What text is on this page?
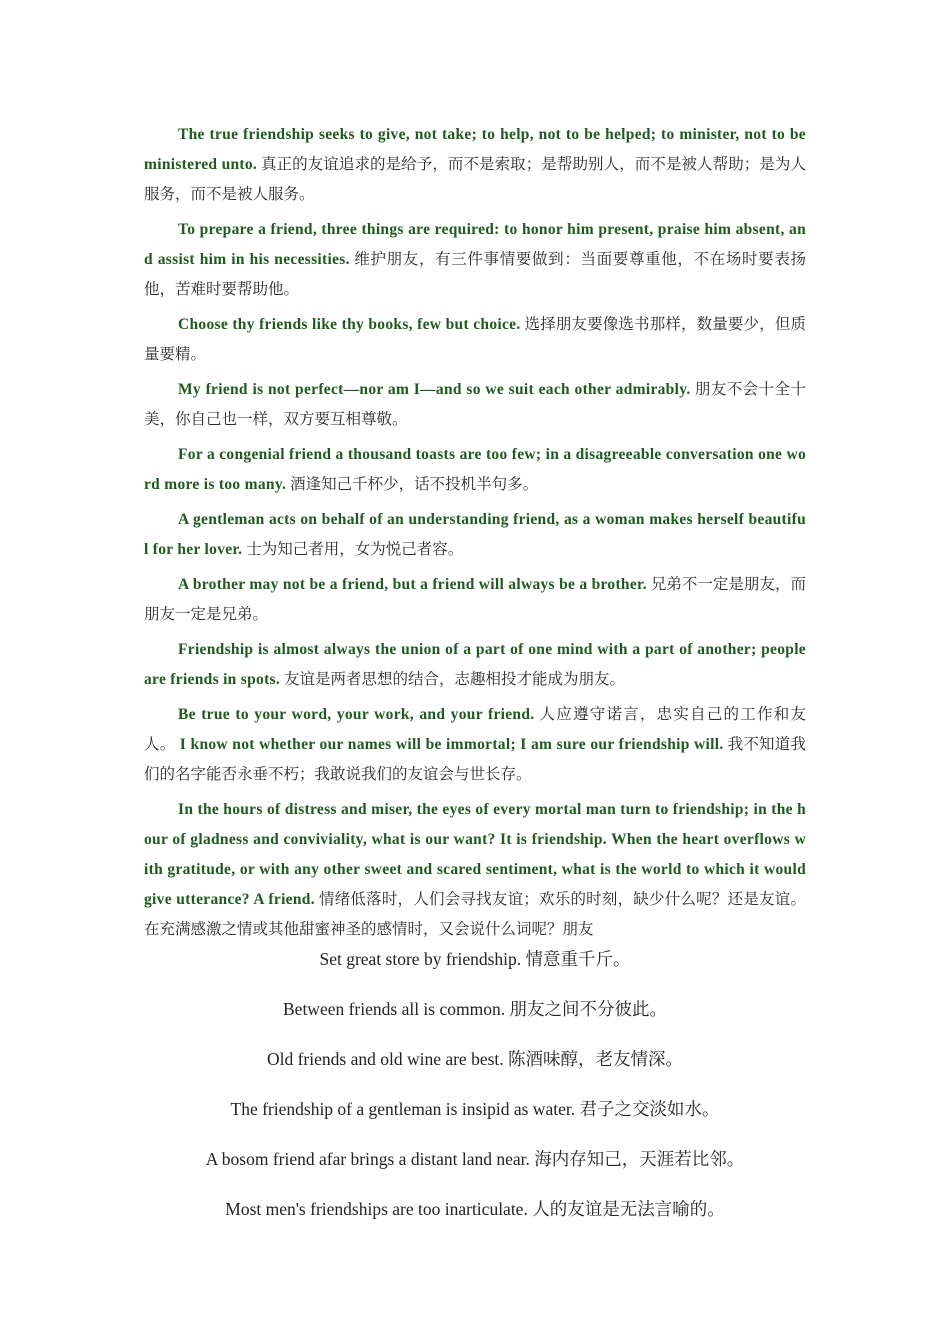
The true friendship seeks to give, not take; to help, not to be helped; to minister, not to be ministered unto. 真正的友谊追求的是给予，而不是索取；是帮助别人，而不是被人帮助；是为人服务，而不是被人服务。

To prepare a friend, three things are required: to honor him present, praise him absent, and assist him in his necessities. 维护朋友，有三件事情要做到：当面要尊重他，不在场时要表扬他，苦难时要帮助他。

Choose thy friends like thy books, few but choice. 选择朋友要像选书那样，数量要少，但质量要精。

My friend is not perfect—nor am I—and so we suit each other admirably. 朋友不会十全十美，你自己也一样，双方要互相尊敬。

For a congenial friend a thousand toasts are too few; in a disagreeable conversation one word more is too many. 酒逢知己千杯少，话不投机半句多。

A gentleman acts on behalf of an understanding friend, as a woman makes herself beautiful for her lover. 士为知己者用，女为悦己者容。

A brother may not be a friend, but a friend will always be a brother. 兄弟不一定是朋友，而朋友一定是兄弟。

Friendship is almost always the union of a part of one mind with a part of another; people are friends in spots. 友谊是两者思想的结合，志趣相投才能成为朋友。

Be true to your word, your work, and your friend. 人应遵守诺言，忠实自己的工作和友人。 I know not whether our names will be immortal; I am sure our friendship will. 我不知道我们的名字能否永垂不朽；我敢说我们的友谊会与世长存。

In the hours of distress and miser, the eyes of every mortal man turn to friendship; in the hour of gladness and conviviality, what is our want? It is friendship. When the heart overflows with gratitude, or with any other sweet and scared sentiment, what is the world to which it would give utterance? A friend. 情绪低落时，人们会寻找友谊；欢乐的时刻，缺少什么呢？还是友谊。在充满感激之情或其他甜蜜神圣的感情时，又会说什么词呢？朋友

Set great store by friendship. 情意重千斤。
Between friends all is common. 朋友之间不分彼此。
Old friends and old wine are best. 陈酒味醇，老友情深。
The friendship of a gentleman is insipid as water. 君子之交淡如水。
A bosom friend afar brings a distant land near. 海内存知己，天涯若比邻。
Most men's friendships are too inarticulate. 人的友谊是无法言喻的。
